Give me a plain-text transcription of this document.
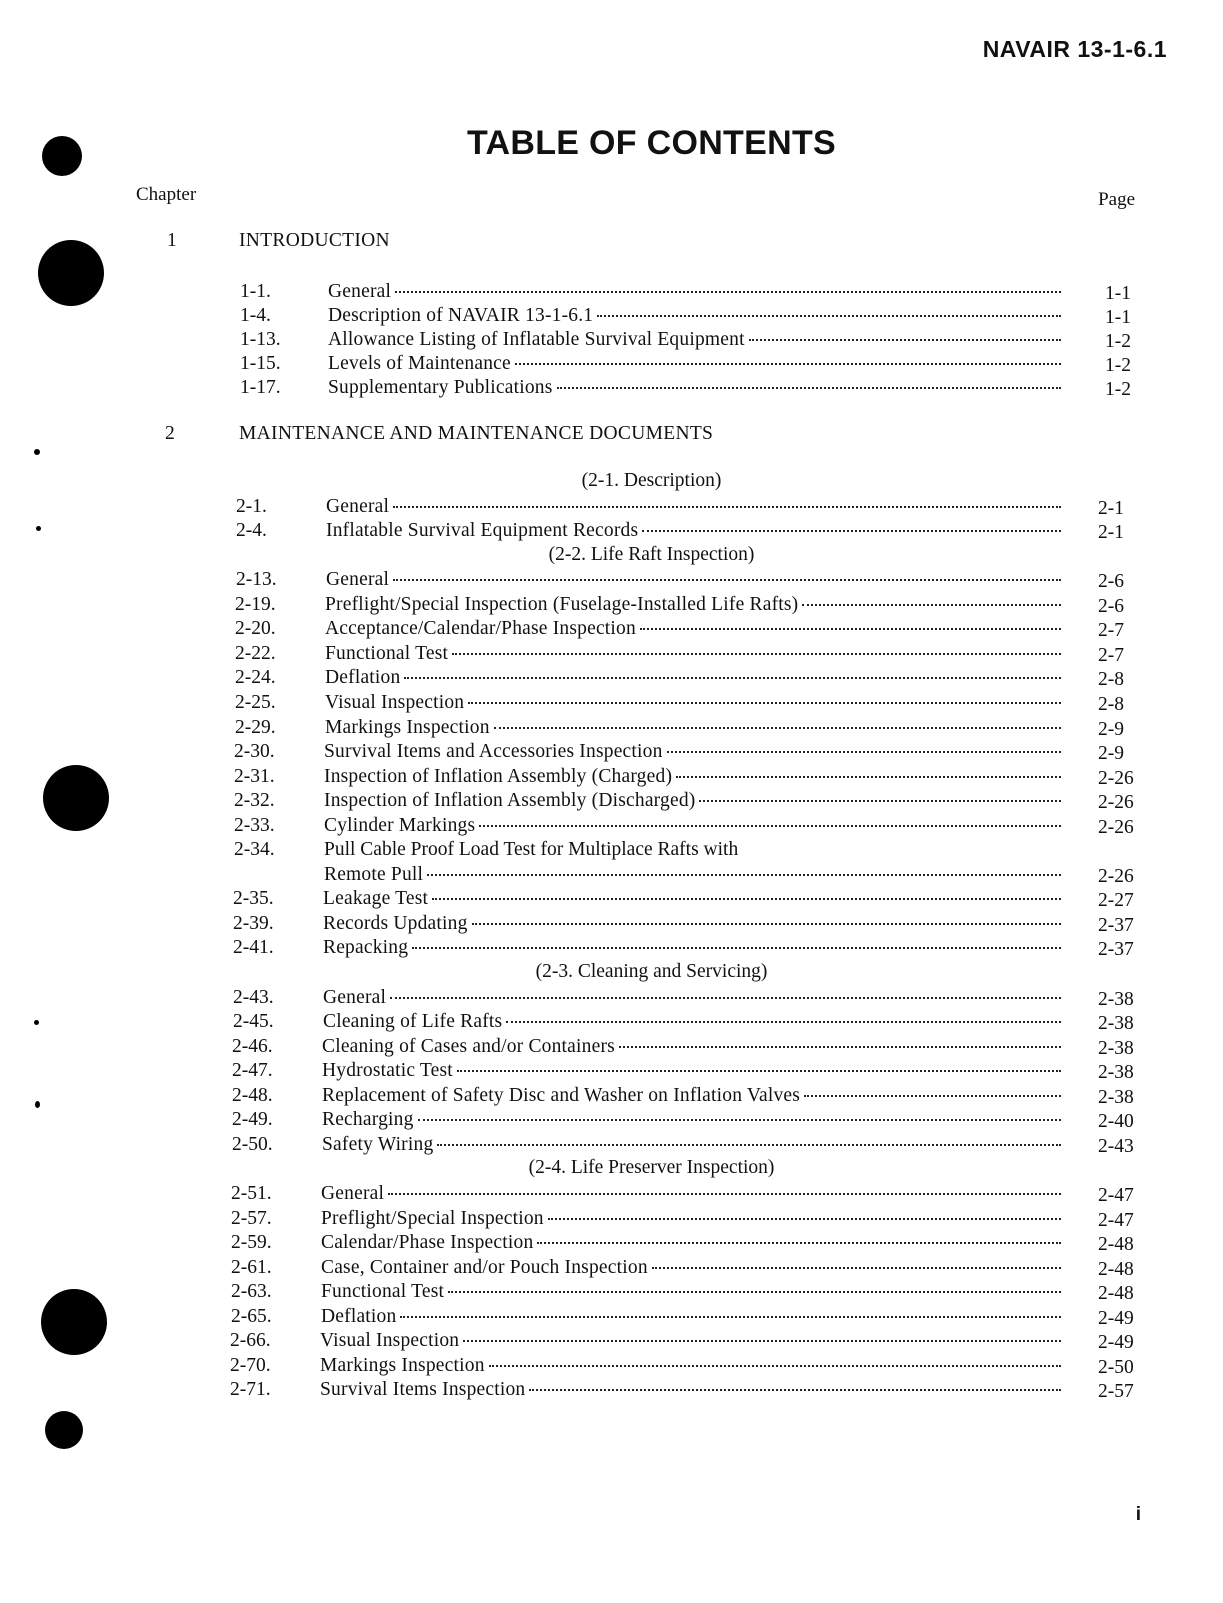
NAVAIR 13-1-6.1
TABLE OF CONTENTS
Chapter	Page
1	INTRODUCTION
1-1.	General	1-1
1-4.	Description of NAVAIR 13-1-6.1	1-1
1-13. Allowance Listing of Inflatable Survival Equipment	1-2
1-15. Levels of Maintenance	1-2
1-17. Supplementary Publications	1-2
2	MAINTENANCE AND MAINTENANCE DOCUMENTS
(2-1. Description)
2-1.	General	2-1
2-4.	Inflatable Survival Equipment Records	2-1
(2-2. Life Raft Inspection)
2-13.	General	2-6
2-19.	Preflight/Special Inspection (Fuselage-Installed Life Rafts)	2-6
2-20.	Acceptance/Calendar/Phase Inspection	2-7
2-22.	Functional Test	2-7
2-24.	Deflation	2-8
2-25.	Visual Inspection	2-8
2-29.	Markings Inspection	2-9
2-30.	Survival Items and Accessories Inspection	2-9
2-31.	Inspection of Inflation Assembly (Charged)	2-26
2-32.	Inspection of Inflation Assembly (Discharged)	2-26
2-33.	Cylinder Markings	2-26
2-34.	Pull Cable Proof Load Test for Multiplace Rafts with
Remote Pull	2-26
2-35.	Leakage Test	2-27
2-39.	Records Updating	2-37
2-41.	Repacking	2-37
(2-3. Cleaning and Servicing)
2-43.	General	2-38
2-45.	Cleaning of Life Rafts	2-38
2-46.	Cleaning of Cases and/or Containers	2-38
2-47.	Hydrostatic Test	2-38
2-48.	Replacement of Safety Disc and Washer on Inflation Valves	2-38
2-49.	Recharging	2-40
2-50.	Safety Wiring	2-43
(2-4. Life Preserver Inspection)
2-51.	General	2-47
2-57.	Preflight/Special Inspection	2-47
2-59.	Calendar/Phase Inspection	2-48
2-61.	Case, Container and/or Pouch Inspection	2-48
2-63.	Functional Test	2-48
2-65.	Deflation	2-49
2-66.	Visual Inspection	2-49
2-70.	Markings Inspection	2-50
2-71.	Survival Items Inspection	2-57
i
